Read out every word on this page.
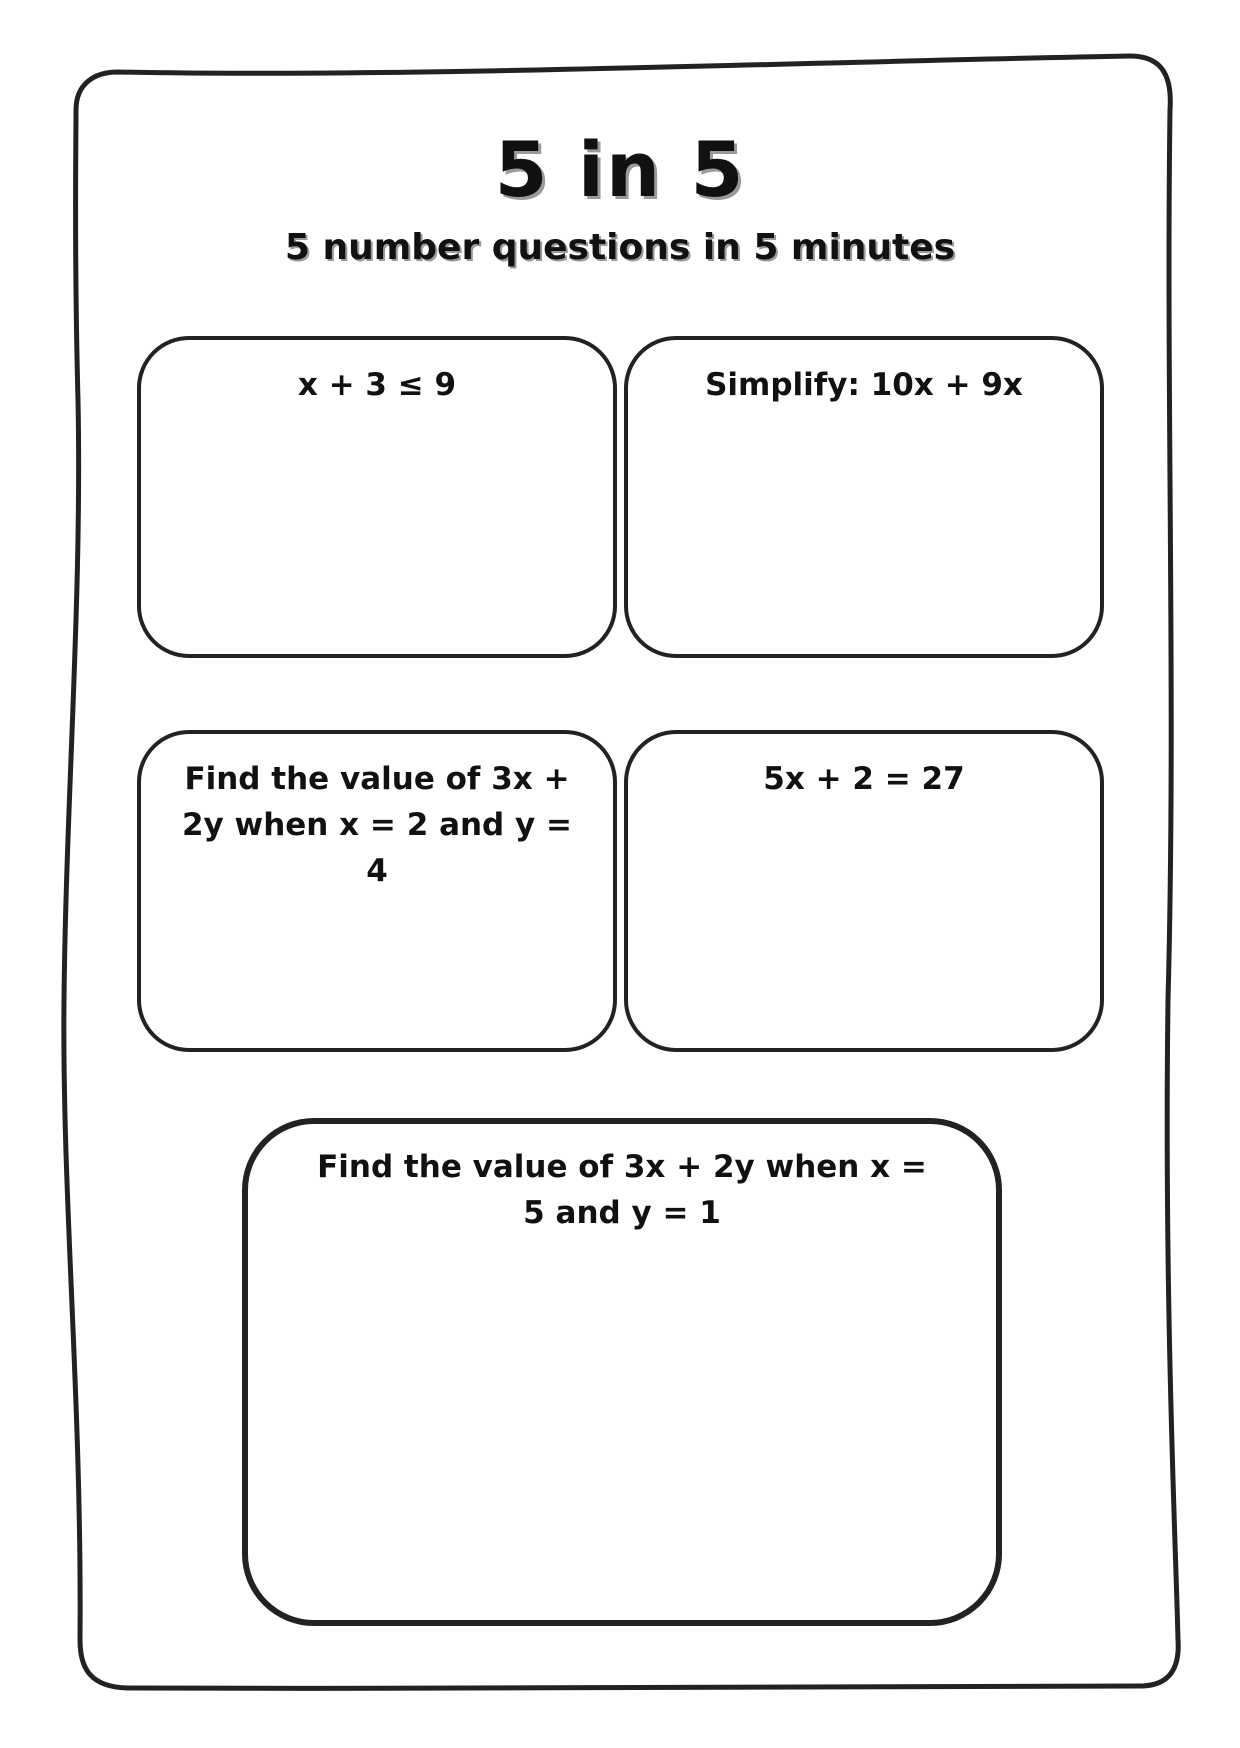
5 in 5
5 number questions in 5 minutes
x + 3 ≤ 9	Simplify: 10x + 9x
Find the value of 3x +
2y when x = 2 and y =
4
5x + 2 = 27
Find the value of 3x + 2y when x =
5 and y = 1
